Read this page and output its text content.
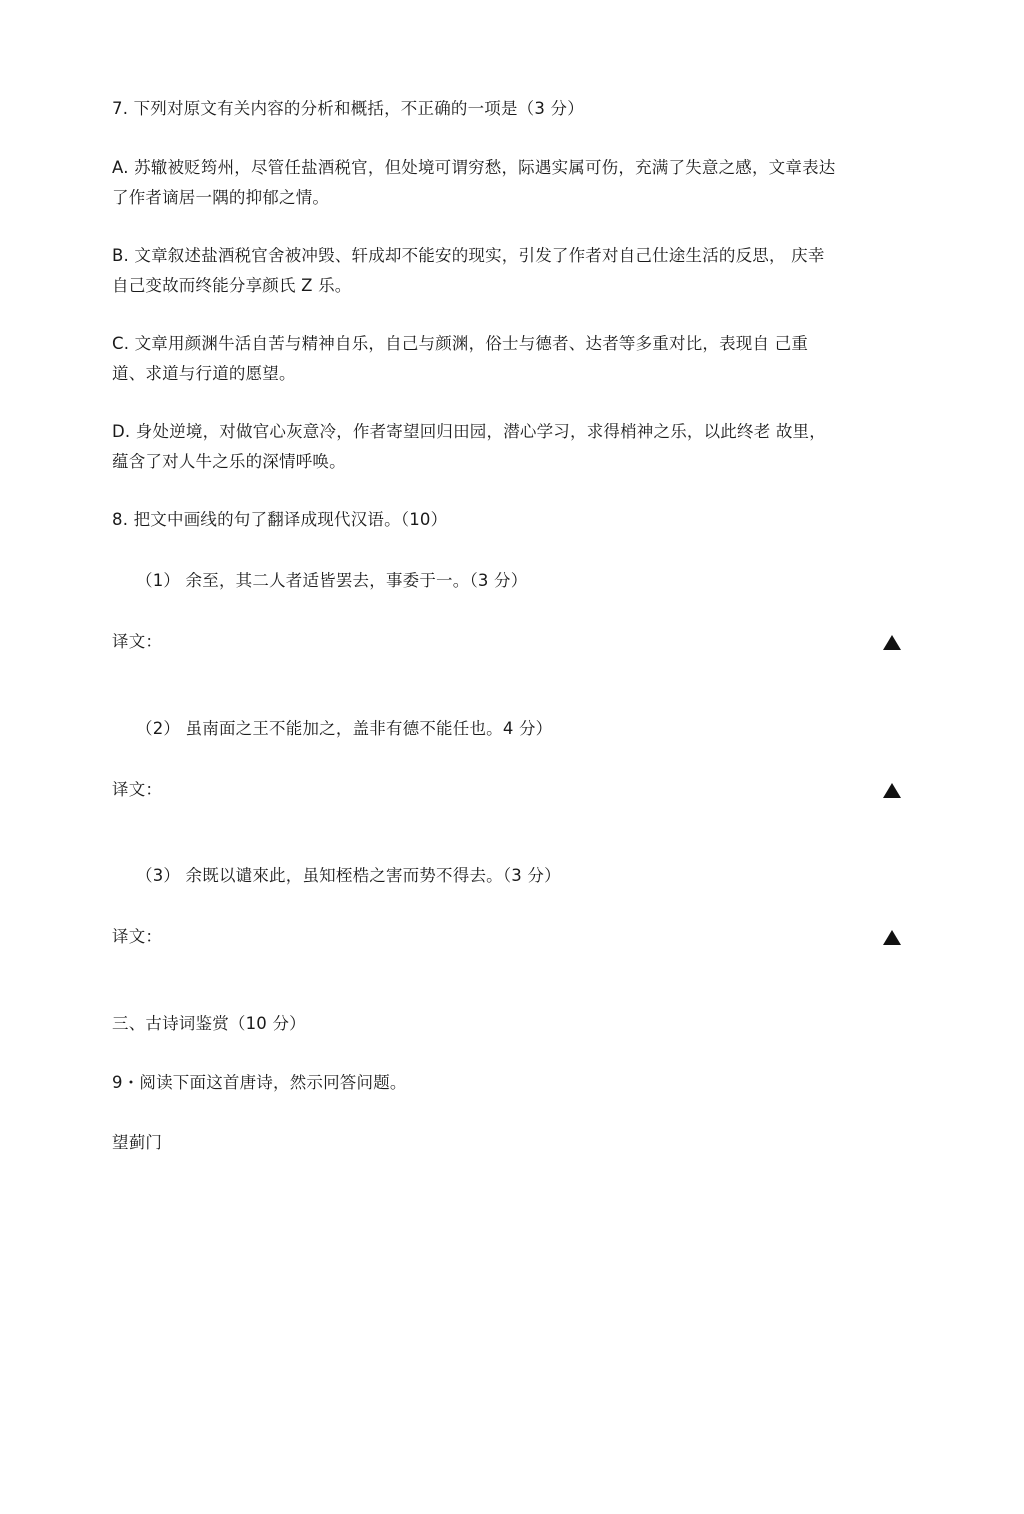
7. 下列对原文有关内容的分析和概括，不正确的一项是（3 分）
A. 苏辙被贬筠州，尽管任盐酒税官，但处境可谓穷愁，际遇实属可伤，充满了失意之感，文章表达
了作者谪居一隅的抑郁之情。
B. 文章叙述盐酒税官舍被冲毁、轩成却不能安的现实，引发了作者对自己仕途生活的反思， 庆幸
自己变故而终能分享颜氏 Z 乐。
C. 文章用颜渊牛活自苦与精神自乐，自己与颜渊，俗士与德者、达者等多重对比，表现自 己重
道、求道与行道的愿望。
D. 身处逆境，对做官心灰意冷，作者寄望回归田园，潜心学习，求得梢神之乐，以此终老 故里，
蕴含了对人牛之乐的深情呼唤。
8. 把文中画线的句了翻译成现代汉语。（10）
（1） 余至，其二人者适皆罢去，事委于一。（3 分）
译文：
（2） 虽南面之王不能加之，盖非有德不能任也。4 分）
译文：
（3） 余既以谴來此，虽知桎梏之害而势不得去。（3 分）
译文：
三、古诗词鉴赏（10 分）
9・阅读下面这首唐诗，然示冋答问题。
望蓟门
